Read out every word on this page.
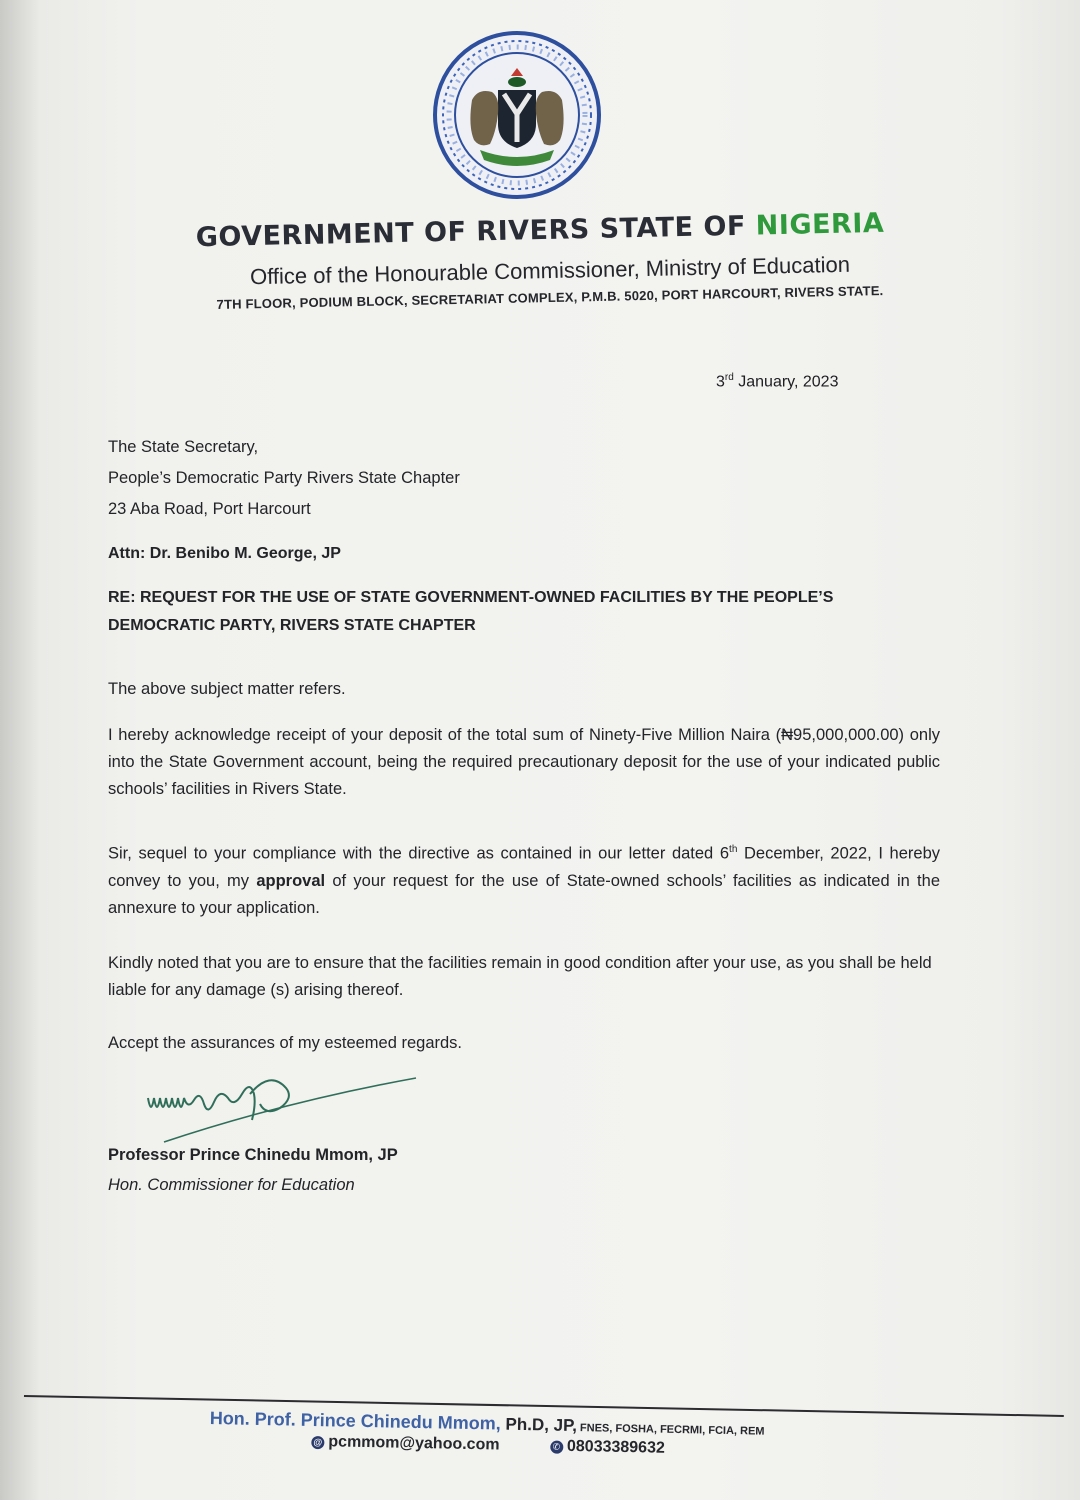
GOVERNMENT OF RIVERS STATE OF NIGERIA
Office of the Honourable Commissioner, Ministry of Education
7TH FLOOR, PODIUM BLOCK, SECRETARIAT COMPLEX, P.M.B. 5020, PORT HARCOURT, RIVERS STATE.
3rd January, 2023
The State Secretary,
People’s Democratic Party Rivers State Chapter
23 Aba Road, Port Harcourt
Attn: Dr. Benibo M. George, JP
RE: REQUEST FOR THE USE OF STATE GOVERNMENT-OWNED FACILITIES BY THE PEOPLE’S DEMOCRATIC PARTY, RIVERS STATE CHAPTER
The above subject matter refers.
I hereby acknowledge receipt of your deposit of the total sum of Ninety-Five Million Naira (₦95,000,000.00) only into the State Government account, being the required precautionary deposit for the use of your indicated public schools’ facilities in Rivers State.
Sir, sequel to your compliance with the directive as contained in our letter dated 6th December, 2022, I hereby convey to you, my approval of your request for the use of State-owned schools’ facilities as indicated in the annexure to your application.
Kindly noted that you are to ensure that the facilities remain in good condition after your use, as you shall be held liable for any damage (s) arising thereof.
Accept the assurances of my esteemed regards.
Professor Prince Chinedu Mmom, JP
Hon. Commissioner for Education
Hon. Prof. Prince Chinedu Mmom, Ph.D, JP, FNES, FOSHA, FECRMI, FCIA, REM
@ pcmmom@yahoo.com	✆ 08033389632
